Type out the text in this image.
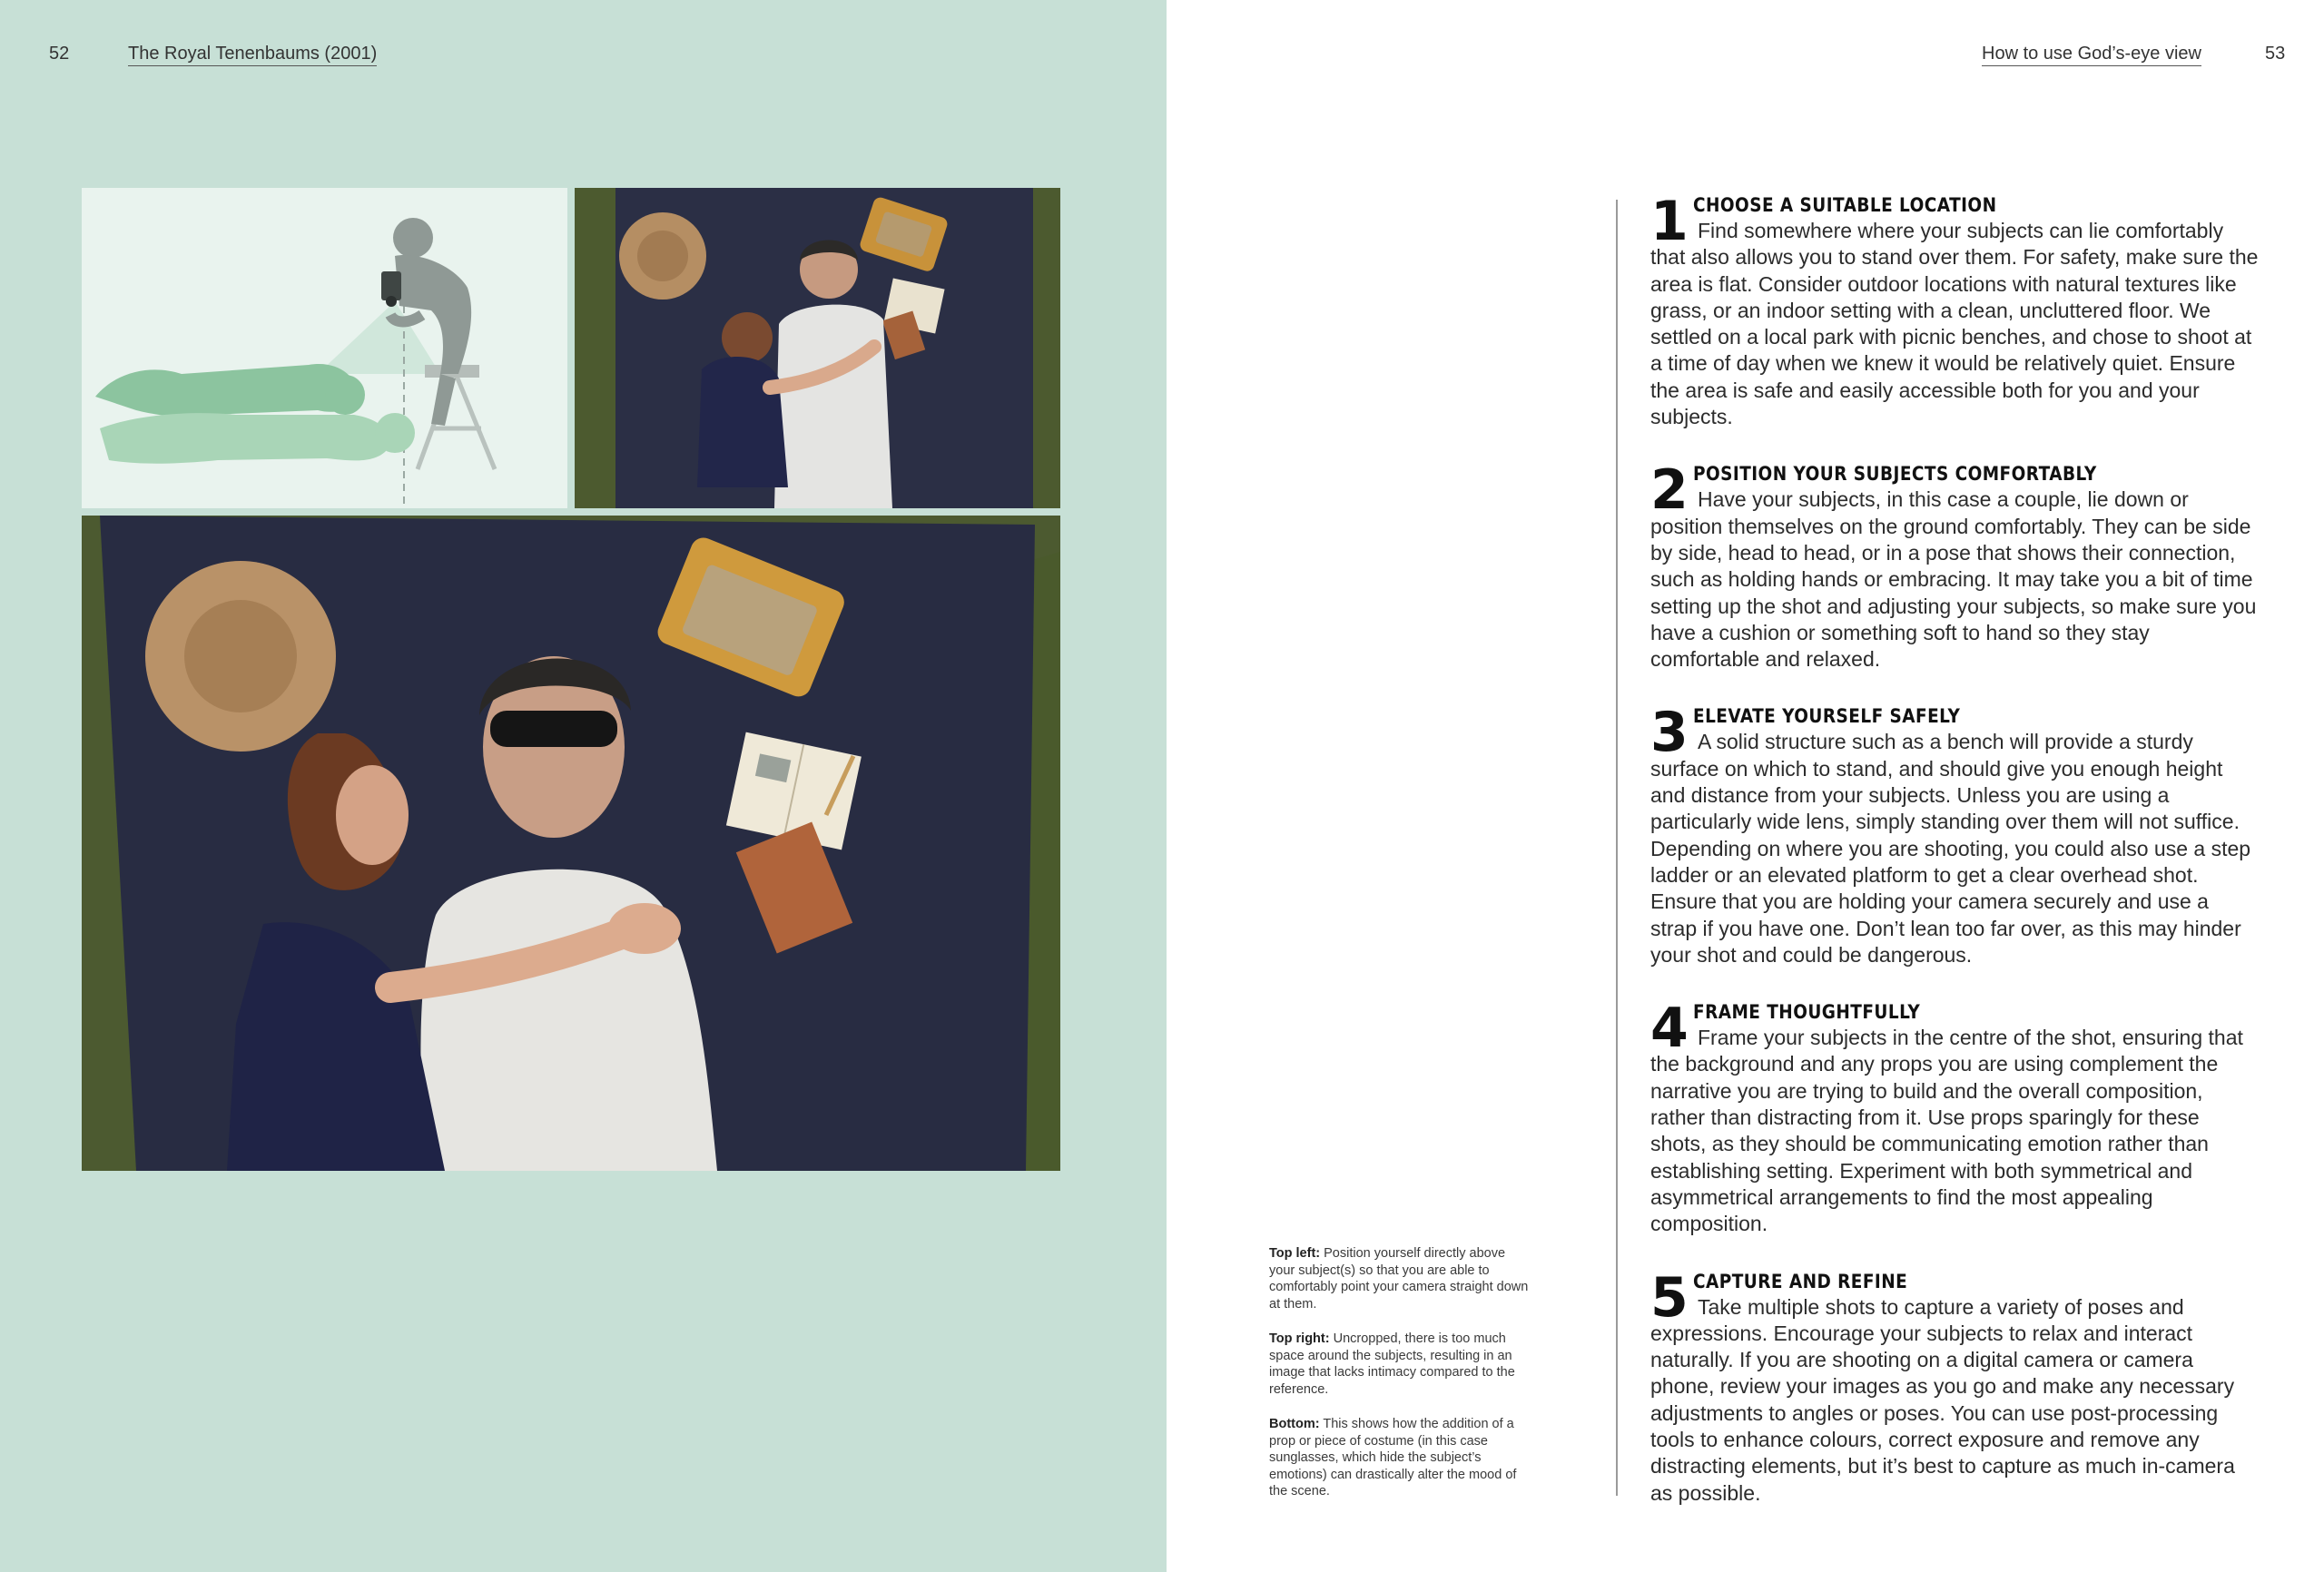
52	The Royal Tenenbaums (2001)	How to use God’s-eye view	53

Top left: Position yourself directly above your subject(s) so that you are able to comfortably point your camera straight down at them.

Top right: Uncropped, there is too much space around the subjects, resulting in an image that lacks intimacy compared to the reference.

Bottom: This shows how the addition of a prop or piece of costume (in this case sunglasses, which hide the subject’s emotions) can drastically alter the mood of the scene.

1 CHOOSE A SUITABLE LOCATION

Find somewhere where your subjects can lie comfortably that also allows you to stand over them. For safety, make sure the area is flat. Consider outdoor locations with natural textures like grass, or an indoor setting with a clean, uncluttered floor. We settled on a local park with picnic benches, and chose to shoot at a time of day when we knew it would be relatively quiet. Ensure the area is safe and easily accessible both for you and your subjects.

2 POSITION YOUR SUBJECTS COMFORTABLY

Have your subjects, in this case a couple, lie down or position themselves on the ground comfortably. They can be side by side, head to head, or in a pose that shows their connection, such as holding hands or embracing. It may take you a bit of time setting up the shot and adjusting your subjects, so make sure you have a cushion or something soft to hand so they stay comfortable and relaxed.

3 ELEVATE YOURSELF SAFELY

A solid structure such as a bench will provide a sturdy surface on which to stand, and should give you enough height and distance from your subjects. Unless you are using a particularly wide lens, simply standing over them will not suffice. Depending on where you are shooting, you could also use a step ladder or an elevated platform to get a clear overhead shot. Ensure that you are holding your camera securely and use a strap if you have one. Don’t lean too far over, as this may hinder your shot and could be dangerous.

4 FRAME THOUGHTFULLY

Frame your subjects in the centre of the shot, ensuring that the background and any props you are using complement the narrative you are trying to build and the overall composition, rather than distracting from it. Use props sparingly for these shots, as they should be communicating emotion rather than establishing setting. Experiment with both symmetrical and asymmetrical arrangements to find the most appealing composition.

5 CAPTURE AND REFINE

Take multiple shots to capture a variety of poses and expressions. Encourage your subjects to relax and interact naturally. If you are shooting on a digital camera or camera phone, review your images as you go and make any necessary adjustments to angles or poses. You can use post-processing tools to enhance colours, correct exposure and remove any distracting elements, but it’s best to capture as much in-camera as possible.
